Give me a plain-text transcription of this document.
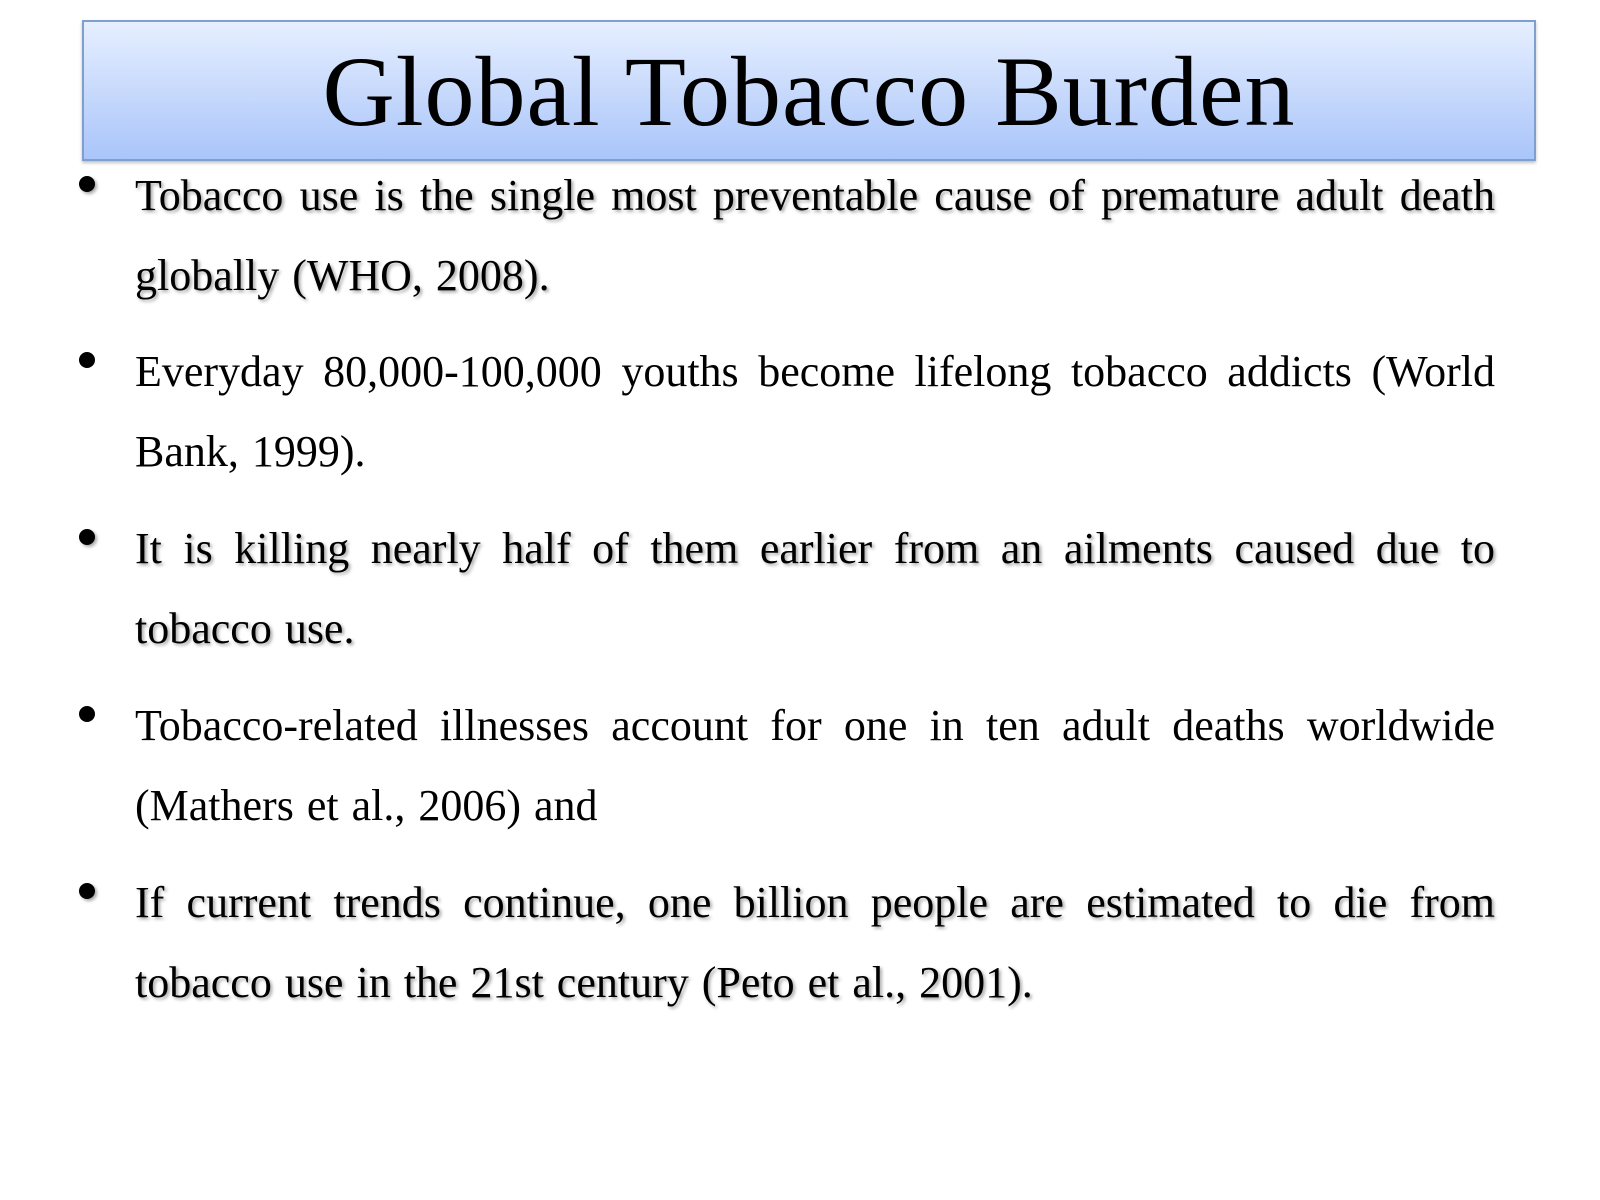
Global Tobacco Burden
Tobacco use is the single most preventable cause of premature adult death globally (WHO, 2008).
Everyday 80,000-100,000 youths become lifelong tobacco addicts (World Bank, 1999).
It is killing nearly half of them earlier from an ailments caused due to tobacco use.
Tobacco-related illnesses account for one in ten adult deaths worldwide (Mathers et al., 2006) and
If current trends continue, one billion people are estimated to die from tobacco use in the 21st century (Peto et al., 2001).
